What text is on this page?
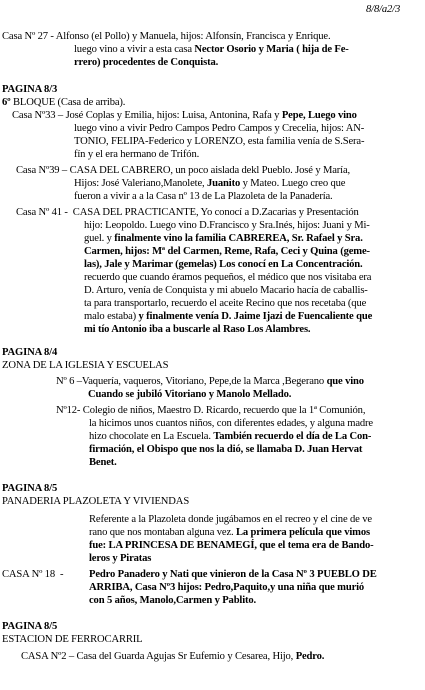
8/8/a2/3
Casa Nº 27 - Alfonso (el Pollo) y Manuela, hijos: Alfonsín, Francisca y Enrique.
luego vino a vivir a esta casa Nector Osorio y Maria ( hija de Fe-
rrero) procedentes de Conquista.
PAGINA 8/3
6º BLOQUE (Casa de arriba).
Casa Nº33 – José Coplas y Emilia, hijos: Luisa, Antonina, Rafa y Pepe, Luego vino
luego vino a vivir Pedro Campos Pedro Campos y Crecelia, hijos: AN-
TONIO, FELIPA-Federico y LORENZO, esta familia venía de S.Sera-
fín y el era hermano de Trifón.
Casa Nº39 – CASA DEL CABRERO, un poco aislada dekl Pueblo. José y María,
Hijos: José Valeriano,Manolete, Juanito y Mateo. Luego creo que
fueron a vivir a a la Casa nº 13 de La Plazoleta de la Panadería.
Casa Nº 41 -  CASA DEL PRACTICANTE, Yo conocí a D.Zacarias y Presentación
hijo: Leopoldo. Luego vino D.Francisco y Sra.Inés, hijos: Juani y Mi-
guel. y finalmente vino la familia CABREREA, Sr. Rafael y Sra.
Carmen, hijos: Mª del Carmen, Reme, Rafa, Ceci y Quina (geme-
las), Jale y Marimar (gemelas) Los conocí en La Concentración.
recuerdo que cuando éramos pequeños, el médico que nos visitaba era
D. Arturo, venía de Conquista y mi abuelo Macario hacía de caballis-
ta para transportarlo, recuerdo el aceite Recino que nos recetaba (que
malo estaba) y finalmente venía D. Jaime Ijazi de Fuencaliente que
mi tío Antonio iba a buscarle al Raso Los Alambres.
PAGINA 8/4
ZONA DE LA IGLESIA Y ESCUELAS
Nº 6 –Vaquería, vaqueros, Vitoriano, Pepe,de la Marca ,Begerano que vino
Cuando se jubiló Vitoriano y Manolo Mellado.
Nº12- Colegio de niños, Maestro D. Ricardo, recuerdo que la 1ª Comunión,
la hicimos unos cuantos niños, con diferentes edades, y alguna madre
hizo chocolate en La Escuela. También recuerdo el día de La Con-
firmación, el Obispo que nos la dió, se llamaba D. Juan Hervat
Benet.
PAGINA 8/5
PANADERIA PLAZOLETA Y VIVIENDAS
Referente a la Plazoleta donde jugábamos en el recreo y el cine de ve
rano que nos montaban alguna vez. La primera película que vimos
fue: LA PRINCESA DE BENAMEGÍ, que el tema era de Bando-
leros y Piratas
CASA Nº 18  - Pedro Panadero y Nati que vinieron de la Casa Nº 3 PUEBLO DE
ARRIBA, Casa Nº3 hijos: Pedro,Paquito,y una niña que murió
con 5 años, Manolo,Carmen y Pablito.
PAGINA 8/5
ESTACION DE FERROCARRIL
CASA Nº2 – Casa del Guarda Agujas Sr Eufemio y Cesarea, Hijo, Pedro.
